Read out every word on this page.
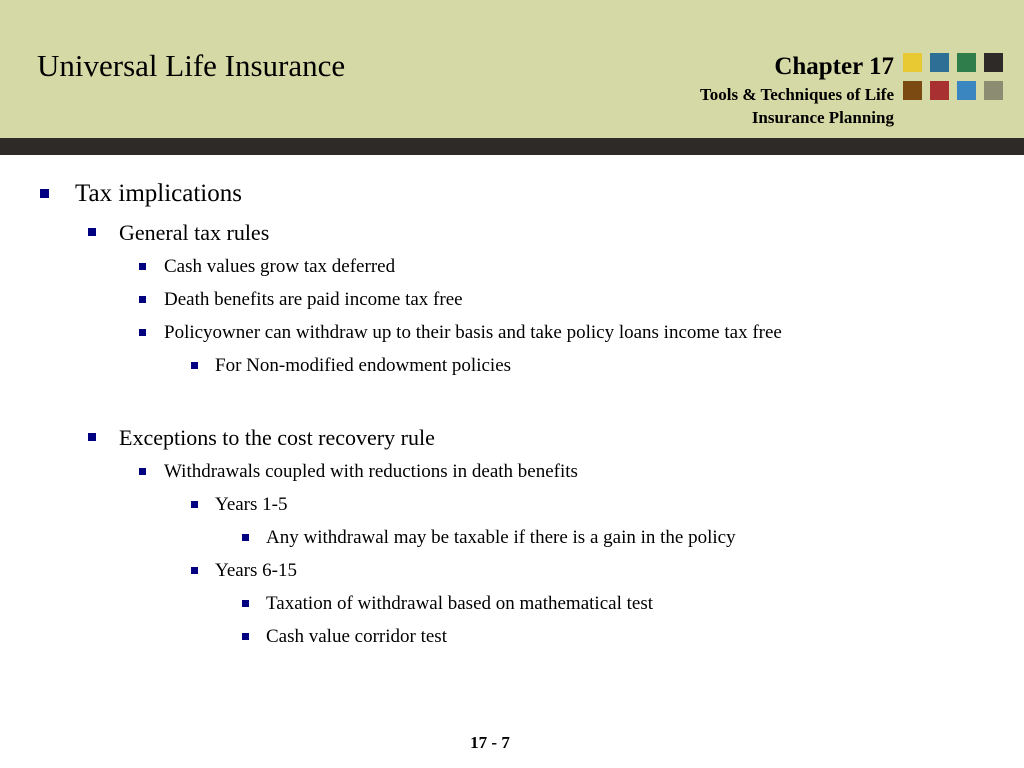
Universal Life Insurance	Chapter 17
Tools & Techniques of Life
Insurance Planning
Tax implications
General tax rules
Cash values grow tax deferred
Death benefits are paid income tax free
Policyowner can withdraw up to their basis and take policy loans income tax free
For Non-modified endowment policies
Exceptions to the cost recovery rule
Withdrawals coupled with reductions in death benefits
Years 1-5
Any withdrawal may be taxable if there is a gain in the policy
Years 6-15
Taxation of withdrawal based on mathematical test
Cash value corridor test
17 - 7
